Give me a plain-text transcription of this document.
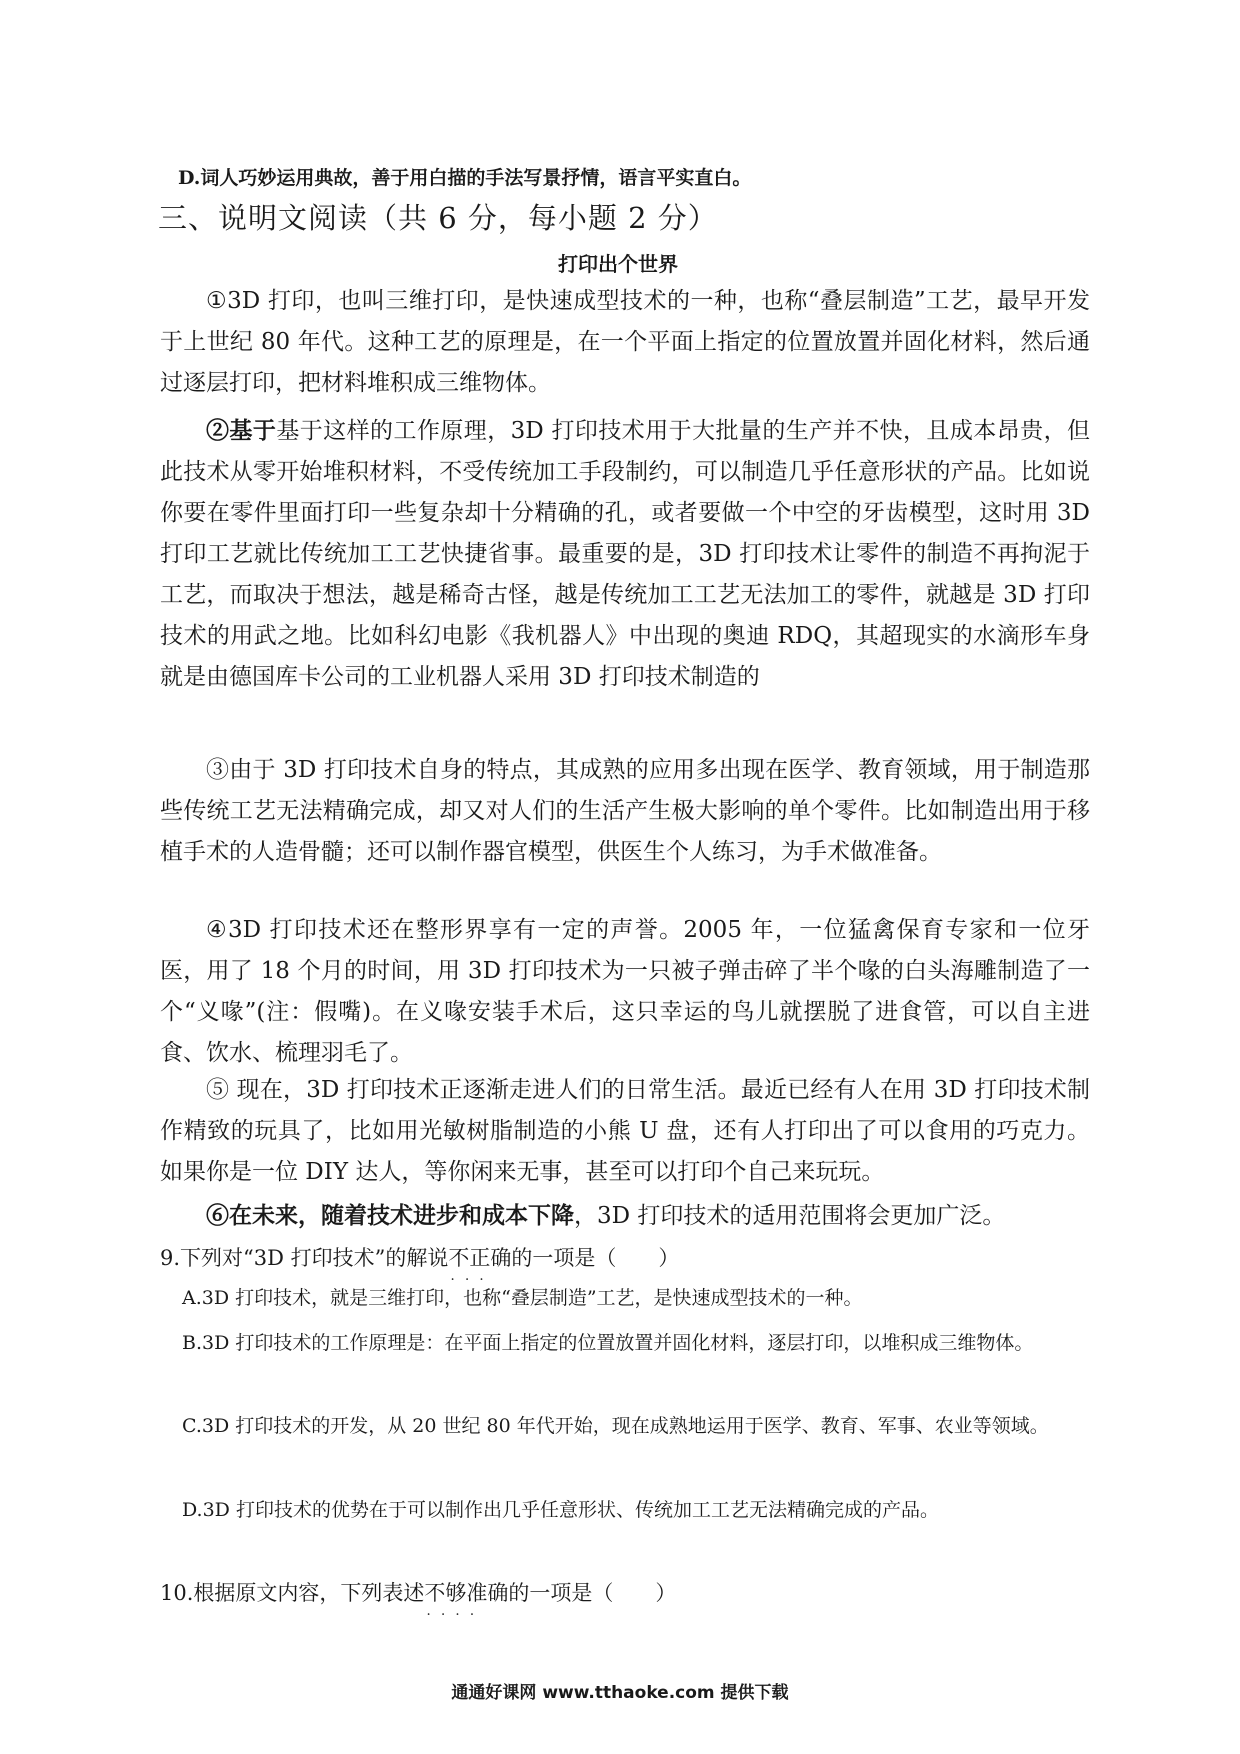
D.词人巧妙运用典故，善于用白描的手法写景抒情，语言平实直白。
三、说明文阅读（共 6 分，每小题 2 分）
打印出个世界

①3D 打印，也叫三维打印，是快速成型技术的一种，也称“叠层制造”工艺，最早开发于上世纪 80 年代。这种工艺的原理是，在一个平面上指定的位置放置并固化材料，然后通过逐层打印，把材料堆积成三维物体。

②基于基于这样的工作原理，3D 打印技术用于大批量的生产并不快，且成本昂贵，但此技术从零开始堆积材料，不受传统加工手段制约，可以制造几乎任意形状的产品。比如说你要在零件里面打印一些复杂却十分精确的孔，或者要做一个中空的牙齿模型，这时用 3D 打印工艺就比传统加工工艺快捷省事。最重要的是，3D 打印技术让零件的制造不再拘泥于工艺，而取决于想法，越是稀奇古怪，越是传统加工工艺无法加工的零件，就越是 3D 打印技术的用武之地。比如科幻电影《我机器人》中出现的奥迪 RDQ，其超现实的水滴形车身就是由德国库卡公司的工业机器人采用 3D 打印技术制造的

③由于 3D 打印技术自身的特点，其成熟的应用多出现在医学、教育领域，用于制造那些传统工艺无法精确完成，却又对人们的生活产生极大影响的单个零件。比如制造出用于移植手术的人造骨髓；还可以制作器官模型，供医生个人练习，为手术做准备。

④3D 打印技术还在整形界享有一定的声誉。2005 年，一位猛禽保育专家和一位牙医，用了 18 个月的时间，用 3D 打印技术为一只被子弹击碎了半个喙的白头海雕制造了一个“义喙”(注：假嘴)。在义喙安装手术后，这只幸运的鸟儿就摆脱了进食管，可以自主进食、饮水、梳理羽毛了。

⑤ 现在，3D 打印技术正逐渐走进人们的日常生活。最近已经有人在用 3D 打印技术制作精致的玩具了，比如用光敏树脂制造的小熊 U 盘，还有人打印出了可以食用的巧克力。如果你是一位 DIY 达人，等你闲来无事，甚至可以打印个自己来玩玩。

⑥在未来，随着技术进步和成本下降，3D 打印技术的适用范围将会更加广泛。

9.下列对“3D 打印技术”的解说不正确
.​.​.
的一项是（　　）

A.3D 打印技术，就是三维打印，也称“叠层制造”工艺，是快速成型技术的一种。

B.3D 打印技术的工作原理是：在平面上指定的位置放置并固化材料，逐层打印，以堆积成三维物体。

C.3D 打印技术的开发，从 20 世纪 80 年代开始，现在成熟地运用于医学、教育、军事、农业等领域。

D.3D 打印技术的优势在于可以制作出几乎任意形状、传统加工工艺无法精确完成的产品。

10.根据原文内容，下列表述不够准确
.​.​.​.
的一项是（　　）
通通好课网 www.tthaoke.com 提供下载
